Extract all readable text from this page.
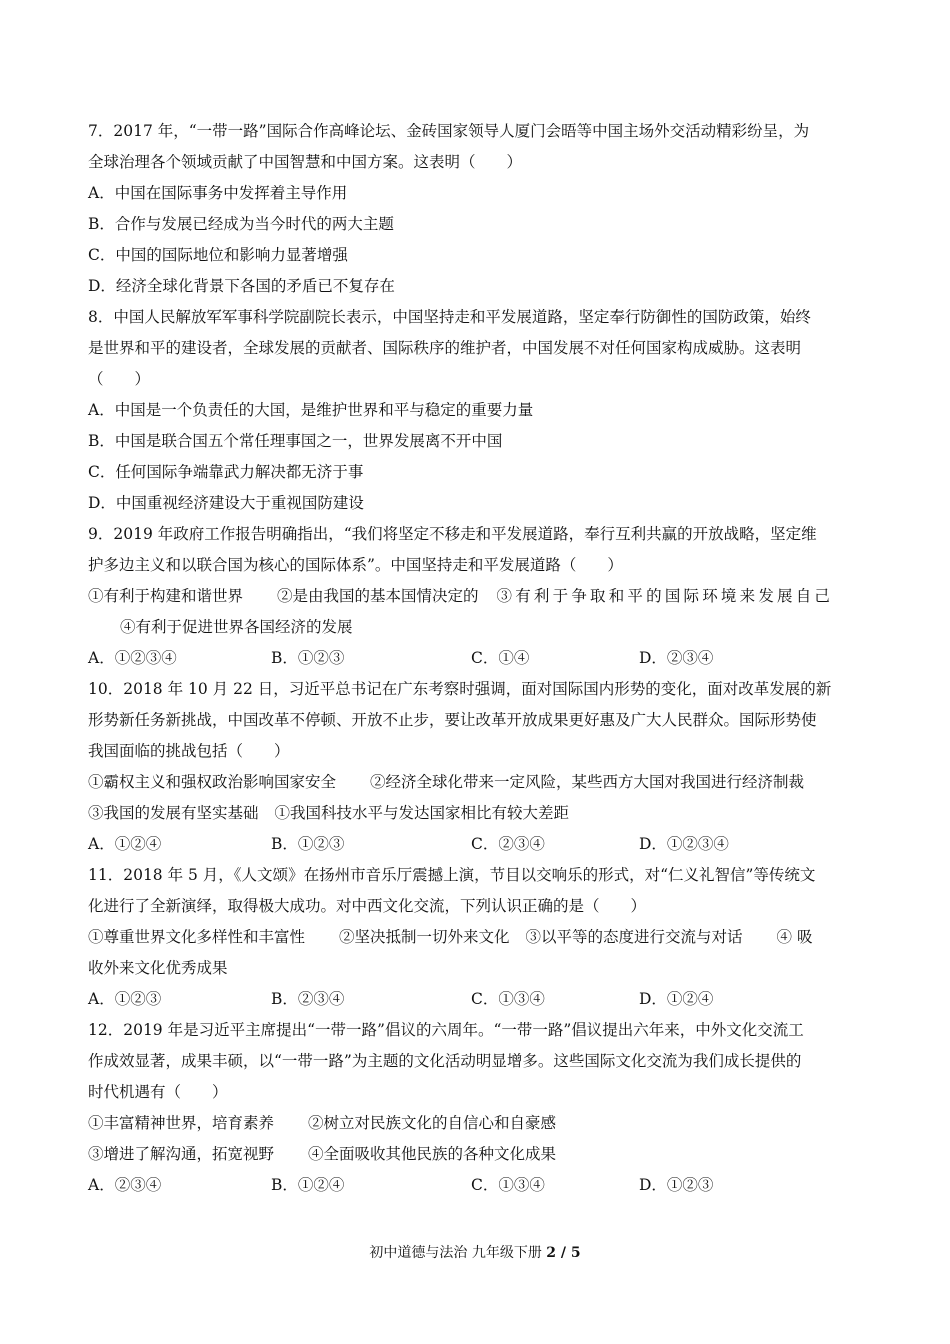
7．2017 年，“一带一路”国际合作高峰论坛、金砖国家领导人厦门会晤等中国主场外交活动精彩纷呈，为
全球治理各个领域贡献了中国智慧和中国方案。这表明（　　）
A．中国在国际事务中发挥着主导作用
B．合作与发展已经成为当今时代的两大主题
C．中国的国际地位和影响力显著增强
D．经济全球化背景下各国的矛盾已不复存在
8．中国人民解放军军事科学院副院长表示，中国坚持走和平发展道路，坚定奉行防御性的国防政策，始终
是世界和平的建设者，全球发展的贡献者、国际秩序的维护者，中国发展不对任何国家构成威胁。这表明
（　　）
A．中国是一个负责任的大国，是维护世界和平与稳定的重要力量
B．中国是联合国五个常任理事国之一，世界发展离不开中国
C．任何国际争端靠武力解决都无济于事
D．中国重视经济建设大于重视国防建设
9．2019 年政府工作报告明确指出，“我们将坚定不移走和平发展道路，奉行互利共赢的开放战略，坚定维
护多边主义和以联合国为核心的国际体系”。中国坚持走和平发展道路（　　）
①有利于构建和谐世界 ②是由我国的基本国情决定的 ③有利于争取和平的国际环境来发展自己
④有利于促进世界各国经济的发展
A．①②③④	B．①②③	C．①④	D．②③④
10．2018 年 10 月 22 日，习近平总书记在广东考察时强调，面对国际国内形势的变化，面对改革发展的新
形势新任务新挑战，中国改革不停顿、开放不止步，要让改革开放成果更好惠及广大人民群众。国际形势使
我国面临的挑战包括（　　）
①霸权主义和强权政治影响国家安全 ②经济全球化带来一定风险，某些西方大国对我国进行经济制裁
③我国的发展有坚实基础 ①我国科技水平与发达国家相比有较大差距
A．①②④	B．①②③	C．②③④	D．①②③④
11．2018 年 5 月，《人文颂》在扬州市音乐厅震撼上演，节目以交响乐的形式，对“仁义礼智信”等传统文
化进行了全新演绎，取得极大成功。对中西文化交流，下列认识正确的是（　　）
①尊重世界文化多样性和丰富性 ②坚决抵制一切外来文化 ③以平等的态度进行交流与对话 ④ 吸
收外来文化优秀成果
A．①②③	B．②③④	C．①③④	D．①②④
12．2019 年是习近平主席提出“一带一路”倡议的六周年。“一带一路”倡议提出六年来，中外文化交流工
作成效显著，成果丰硕，以“一带一路”为主题的文化活动明显增多。这些国际文化交流为我们成长提供的
时代机遇有（　　）
①丰富精神世界，培育素养 ②树立对民族文化的自信心和自豪感
③增进了解沟通，拓宽视野 ④全面吸收其他民族的各种文化成果
A．②③④	B．①②④	C．①③④	D．①②③
初中道德与法治 九年级下册 2 / 5
